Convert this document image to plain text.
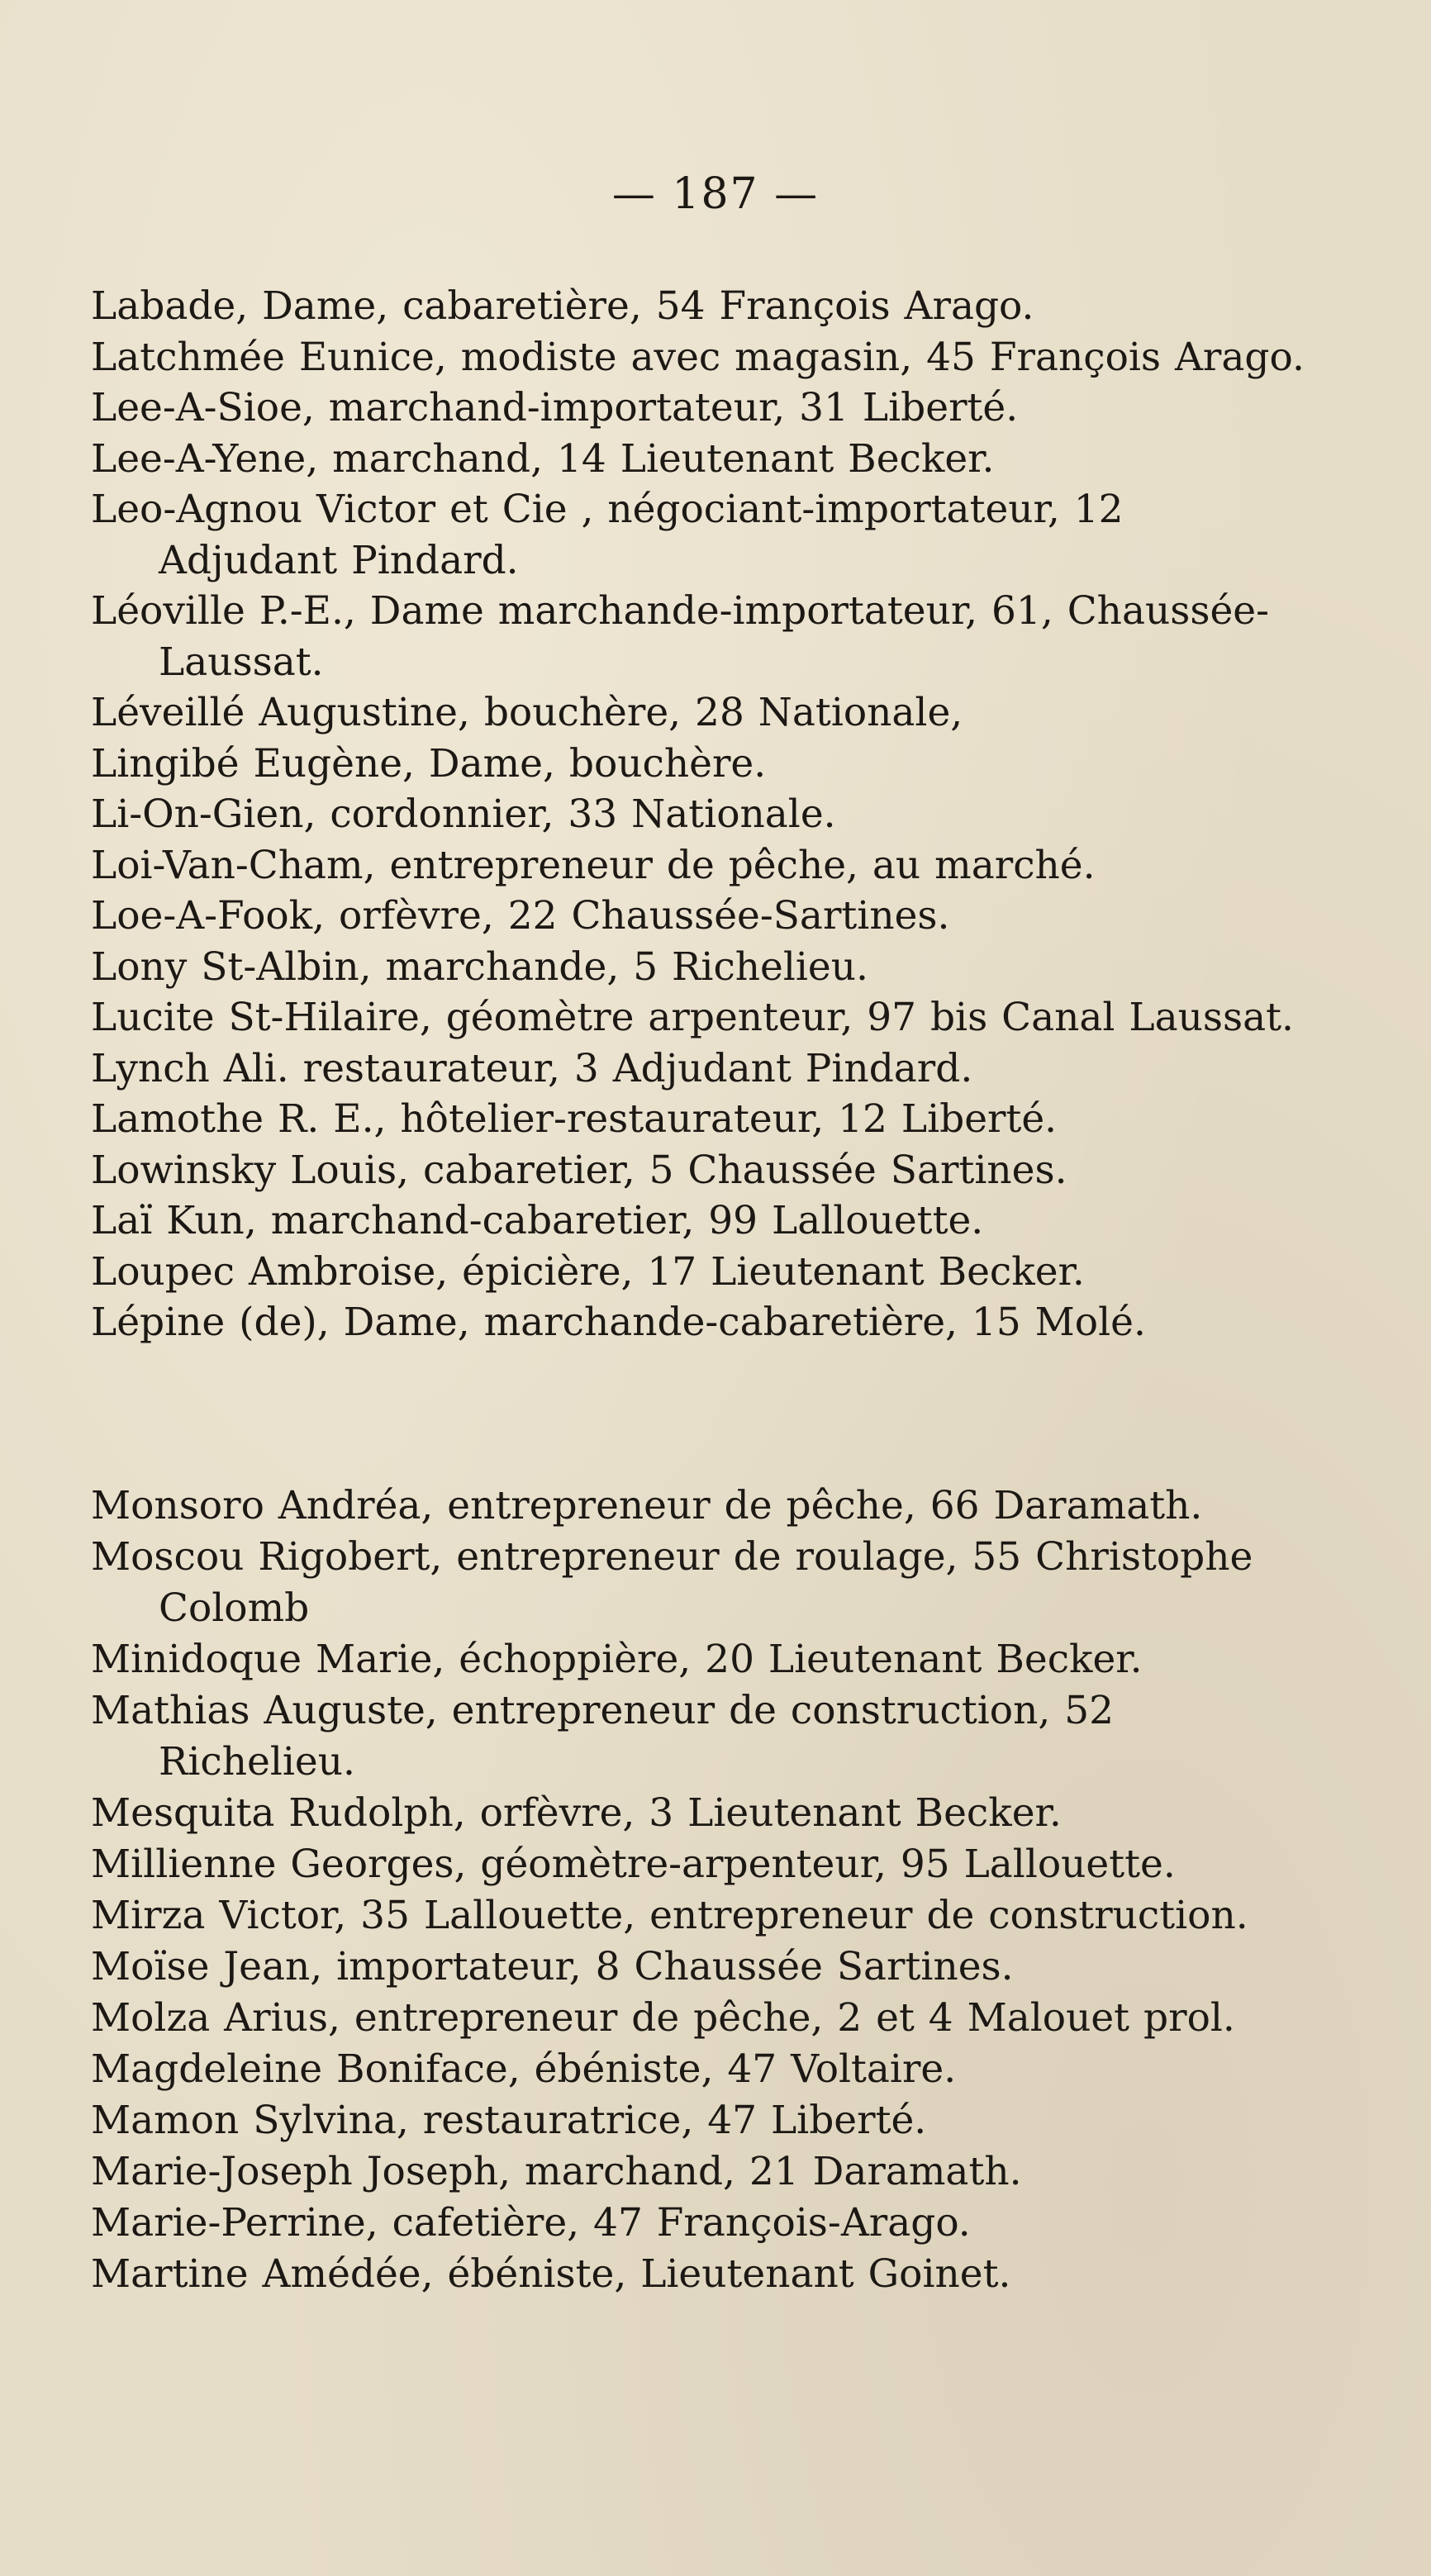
— 187 —
Labade, Dame, cabaretière, 54 François Arago.
Latchmée Eunice, modiste avec magasin, 45 François Arago.
Lee-A-Sioe, marchand-importateur, 31 Liberté.
Lee-A-Yene, marchand, 14 Lieutenant Becker.
Leo-Agnou Victor et Cie , négociant-importateur, 12 Adjudant Pindard.
Léoville P.-E., Dame marchande-importateur, 61, Chaussée-Laussat.
Léveillé Augustine, bouchère, 28 Nationale,
Lingibé Eugène, Dame, bouchère.
Li-On-Gien, cordonnier, 33 Nationale.
Loi-Van-Cham, entrepreneur de pêche, au marché.
Loe-A-Fook, orfèvre, 22 Chaussée-Sartines.
Lony St-Albin, marchande, 5 Richelieu.
Lucite St-Hilaire, géomètre arpenteur, 97 bis Canal Laussat.
Lynch Ali. restaurateur, 3 Adjudant Pindard.
Lamothe R. E., hôtelier-restaurateur, 12 Liberté.
Lowinsky Louis, cabaretier, 5 Chaussée Sartines.
Laï Kun, marchand-cabaretier, 99 Lallouette.
Loupec Ambroise, épicière, 17 Lieutenant Becker.
Lépine (de), Dame, marchande-cabaretière, 15 Molé.
Monsoro Andréa, entrepreneur de pêche, 66 Daramath.
Moscou Rigobert, entrepreneur de roulage, 55 Christophe Colomb
Minidoque Marie, échoppière, 20 Lieutenant Becker.
Mathias Auguste, entrepreneur de construction, 52 Richelieu.
Mesquita Rudolph, orfèvre, 3 Lieutenant Becker.
Millienne Georges, géomètre-arpenteur, 95 Lallouette.
Mirza Victor, 35 Lallouette, entrepreneur de construction.
Moïse Jean, importateur, 8 Chaussée Sartines.
Molza Arius, entrepreneur de pêche, 2 et 4 Malouet prol.
Magdeleine Boniface, ébéniste, 47 Voltaire.
Mamon Sylvina, restauratrice, 47 Liberté.
Marie-Joseph Joseph, marchand, 21 Daramath.
Marie-Perrine, cafetière, 47 François-Arago.
Martine Amédée, ébéniste, Lieutenant Goinet.
